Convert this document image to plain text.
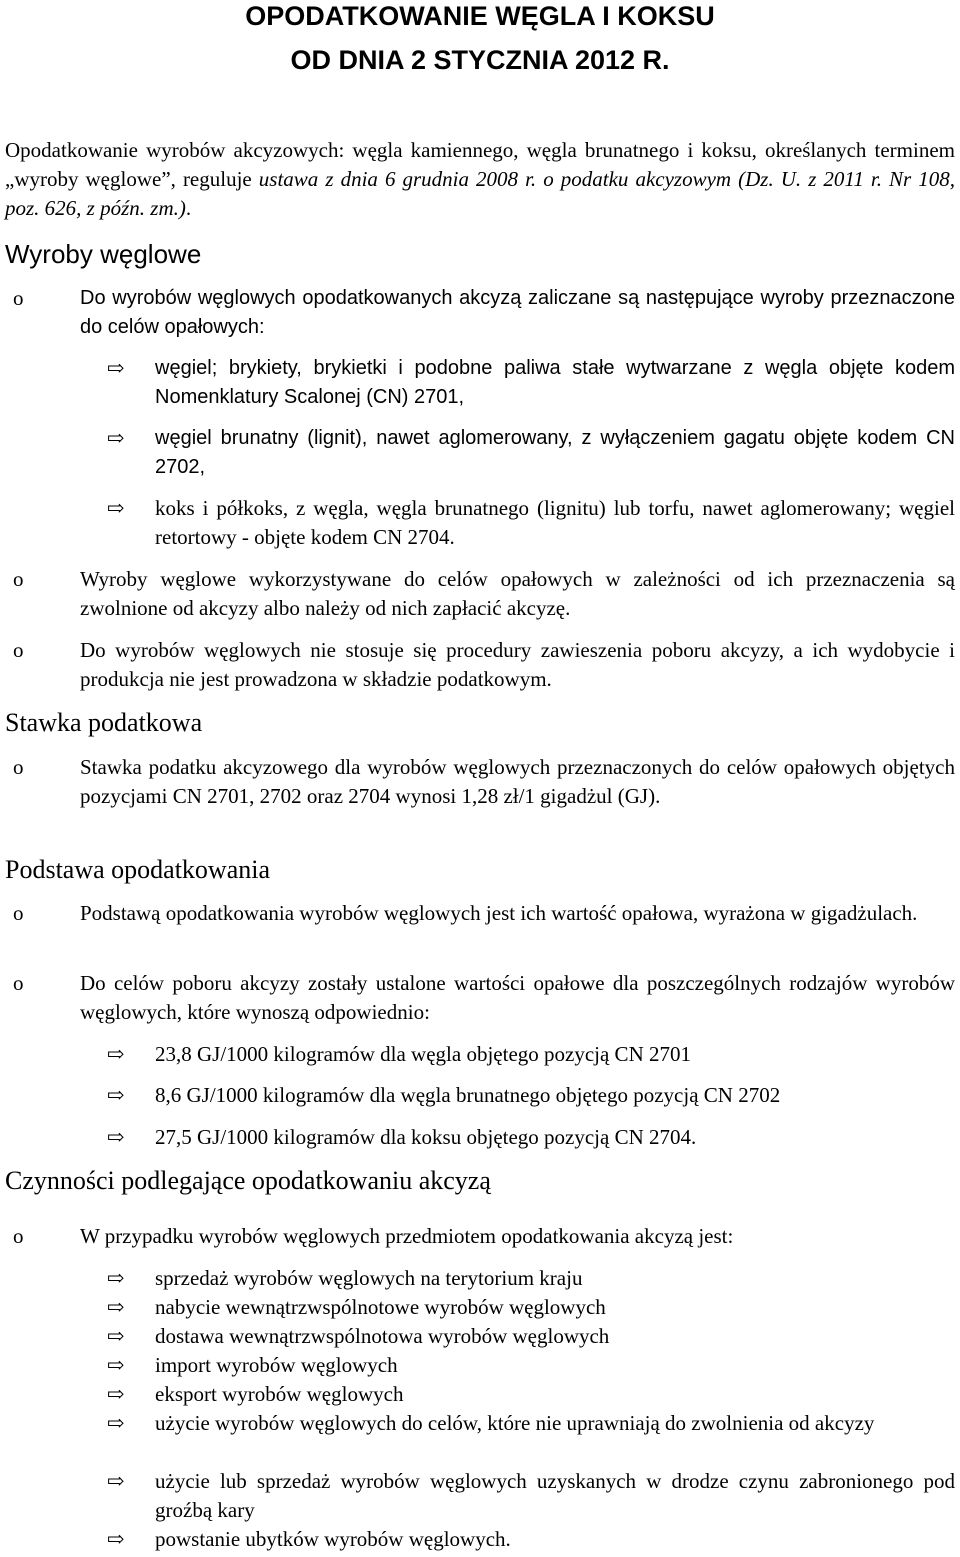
OPODATKOWANIE WĘGLA I KOKSU
OD DNIA 2 STYCZNIA 2012 R.

Opodatkowanie wyrobów akcyzowych: węgla kamiennego, węgla brunatnego i koksu, określanych terminem „wyroby węglowe”, reguluje ustawa z dnia 6 grudnia 2008 r. o podatku akcyzowym (Dz. U. z 2011 r. Nr 108, poz. 626, z późn. zm.).

Wyroby węglowe
o	Do wyrobów węglowych opodatkowanych akcyzą zaliczane są następujące wyroby przeznaczone do celów opałowych:
⇨ węgiel; brykiety, brykietki i podobne paliwa stałe wytwarzane z węgla objęte kodem Nomenklatury Scalonej (CN) 2701,
⇨ węgiel brunatny (lignit), nawet aglomerowany, z wyłączeniem gagatu objęte kodem CN 2702,
⇨ koks i półkoks, z węgla, węgla brunatnego (lignitu) lub torfu, nawet aglomerowany; węgiel retortowy - objęte kodem CN 2704.
o	Wyroby węglowe wykorzystywane do celów opałowych w zależności od ich przeznaczenia są zwolnione od akcyzy albo należy od nich zapłacić akcyzę.
o	Do wyrobów węglowych nie stosuje się procedury zawieszenia poboru akcyzy, a ich wydobycie i produkcja nie jest prowadzona w składzie podatkowym.
Stawka podatkowa
o	Stawka podatku akcyzowego dla wyrobów węglowych przeznaczonych do celów opałowych objętych pozycjami CN 2701, 2702 oraz 2704 wynosi 1,28 zł/1 gigadżul (GJ).
Podstawa opodatkowania
o	Podstawą opodatkowania wyrobów węglowych jest ich wartość opałowa, wyrażona w gigadżulach.
o	Do celów poboru akcyzy zostały ustalone wartości opałowe dla poszczególnych rodzajów wyrobów węglowych, które wynoszą odpowiednio:
⇨ 23,8 GJ/1000 kilogramów dla węgla objętego pozycją CN 2701
⇨ 8,6 GJ/1000 kilogramów dla węgla brunatnego objętego pozycją CN 2702
⇨ 27,5 GJ/1000 kilogramów dla koksu objętego pozycją CN 2704.
Czynności podlegające opodatkowaniu akcyzą
o	W przypadku wyrobów węglowych przedmiotem opodatkowania akcyzą jest:
⇨ sprzedaż wyrobów węglowych na terytorium kraju
⇨ nabycie wewnątrzwspólnotowe wyrobów węglowych
⇨ dostawa wewnątrzwspólnotowa wyrobów węglowych
⇨ import wyrobów węglowych
⇨ eksport wyrobów węglowych
⇨ użycie wyrobów węglowych do celów, które nie uprawniają do zwolnienia od akcyzy
⇨ użycie lub sprzedaż wyrobów węglowych uzyskanych w drodze czynu zabronionego pod groźbą kary
⇨ powstanie ubytków wyrobów węglowych.
